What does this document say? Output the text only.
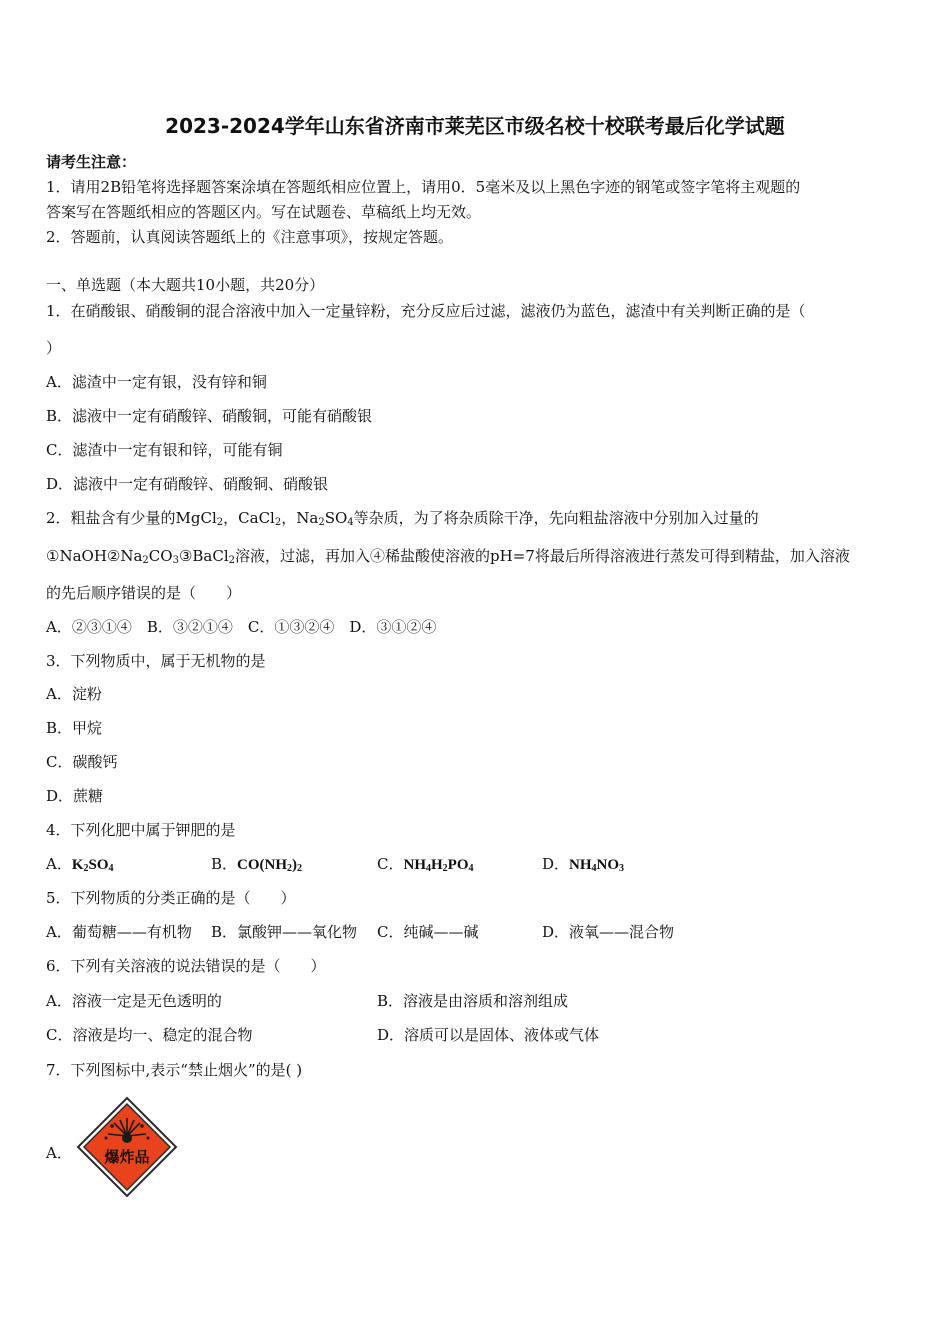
2023-2024学年山东省济南市莱芜区市级名校十校联考最后化学试题
请考生注意：
1．请用2B铅笔将选择题答案涂填在答题纸相应位置上，请用0．5毫米及以上黑色字迹的钢笔或签字笔将主观题的
答案写在答题纸相应的答题区内。写在试题卷、草稿纸上均无效。
2．答题前，认真阅读答题纸上的《注意事项》，按规定答题。
一、单选题（本大题共10小题，共20分）
1．在硝酸银、硝酸铜的混合溶液中加入一定量锌粉，充分反应后过滤，滤液仍为蓝色，滤渣中有关判断正确的是（
）
A．滤渣中一定有银，没有锌和铜
B．滤液中一定有硝酸锌、硝酸铜，可能有硝酸银
C．滤渣中一定有银和锌，可能有铜
D．滤液中一定有硝酸锌、硝酸铜、硝酸银
2．粗盐含有少量的MgCl$_2$，CaCl$_2$，$Na_2SO_4$等杂质，为了将杂质除干净，先向粗盐溶液中分别加入过量的
$①NaOH②Na_2CO_3③BaCl_2$溶液，过滤，再加入④稀盐酸使溶液的pH=7将最后所得溶液进行蒸发可得到精盐，加入溶液
的先后顺序错误的是（　　）
A．②③①④　B．③②①④　C．①③②④　D．③①②④
3．下列物质中，属于无机物的是
A．淀粉
B．甲烷
C．碳酸钙
D．蔗糖
4．下列化肥中属于钾肥的是
A．$K_2SO_4$	B．$CO(NH_2)_2$	C．$NH_4H_2PO_4$	D．$NH_4NO_3$
5．下列物质的分类正确的是（　　）
A．葡萄糖——有机物 B．氯酸钾——氧化物 C．纯碱——碱	D．液氧——混合物
6．下列有关溶液的说法错误的是（　　）
A．溶液一定是无色透明的	B．溶液是由溶质和溶剂组成
C．溶液是均一、稳定的混合物	D．溶质可以是固体、液体或气体
7．下列图标中,表示“禁止烟火”的是( )
A． 爆炸品
